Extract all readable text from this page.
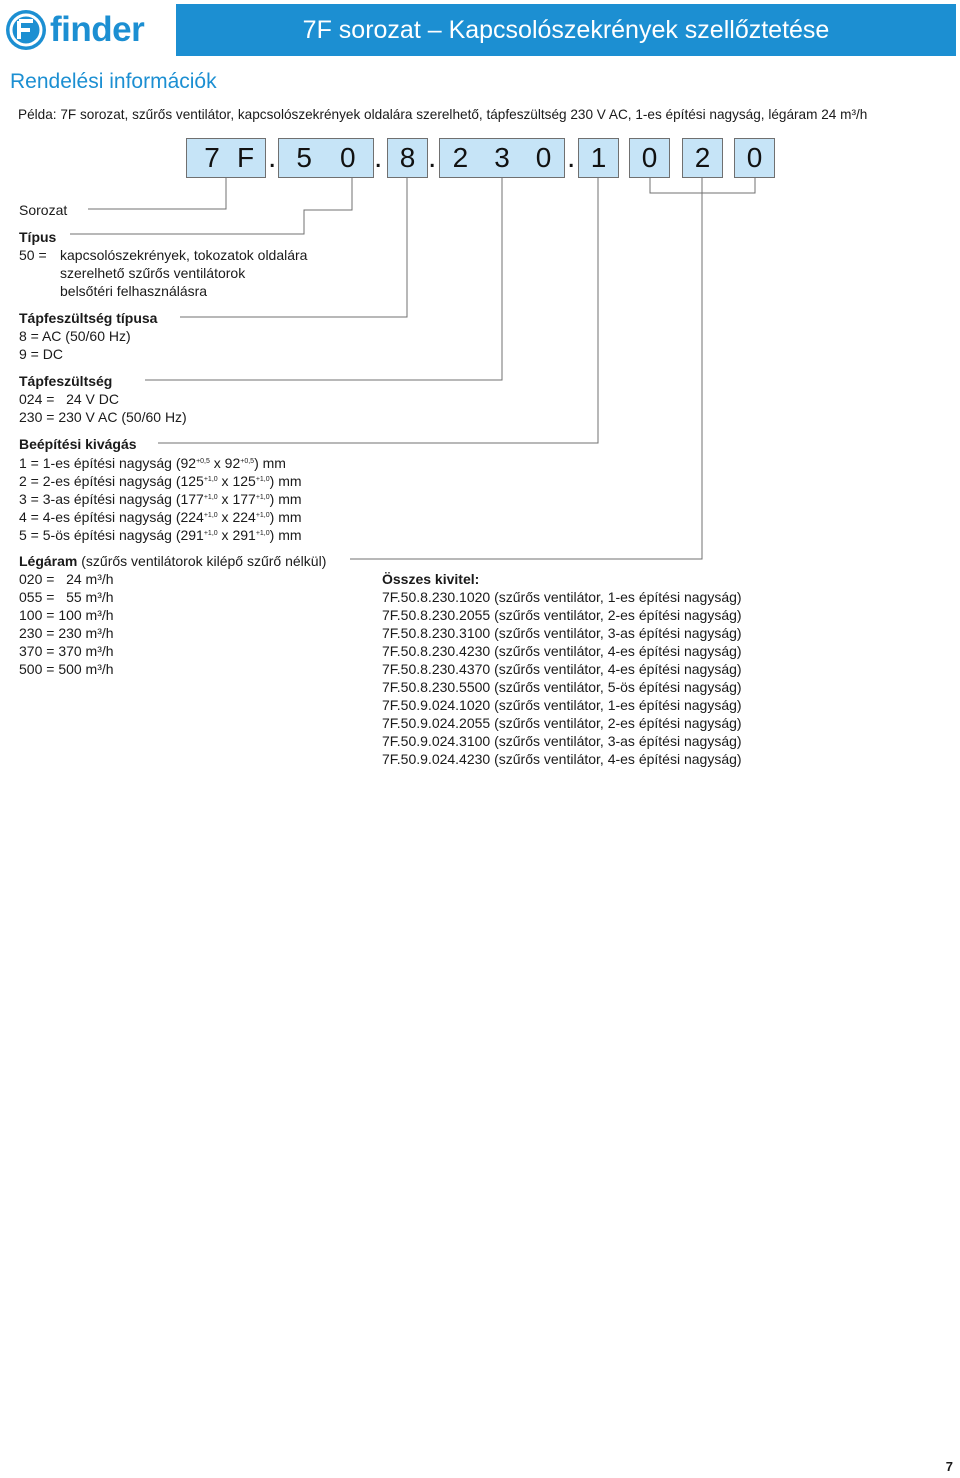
finder	7F sorozat – Kapcsolószekrények szellőztetése
Rendelési információk
Példa: 7F sorozat, szűrős ventilátor, kapcsolószekrények oldalára szerelhető, tápfeszültség 230 V AC, 1-es építési nagyság, légáram 24 m³/h
7 F . 5 0 . 8 . 2 3 0 . 1	0	2	0
Sorozat
Típus
50 = kapcsolószekrények, tokozatok oldalára
szerelhető szűrős ventilátorok
belsőtéri felhasználásra
Tápfeszültség típusa
8 = AC (50/60 Hz)
9 = DC
Tápfeszültség
024 =   24 V DC
230 = 230 V AC (50/60 Hz)
Beépítési kivágás
1 = 1-es építési nagyság ($92^{+0,5}$ x $92^{+0,5}$) mm
2 = 2-es építési nagyság ($125^{+1,0}$ x $125^{+1,0}$) mm
3 = 3-as építési nagyság ($177^{+1,0}$ x $177^{+1,0}$) mm
4 = 4-es építési nagyság ($224^{+1,0}$ x $224^{+1,0}$) mm
5 = 5-ös építési nagyság ($291^{+1,0}$ x $291^{+1,0}$) mm
Légáram (szűrős ventilátorok kilépő szűrő nélkül)
020 =   24 m³/h
055 =   55 m³/h
100 = 100 m³/h
230 = 230 m³/h
370 = 370 m³/h
500 = 500 m³/h
Összes kivitel:
7F.50.8.230.1020 (szűrős ventilátor, 1-es építési nagyság)
7F.50.8.230.2055 (szűrős ventilátor, 2-es építési nagyság)
7F.50.8.230.3100 (szűrős ventilátor, 3-as építési nagyság)
7F.50.8.230.4230 (szűrős ventilátor, 4-es építési nagyság)
7F.50.8.230.4370 (szűrős ventilátor, 4-es építési nagyság)
7F.50.8.230.5500 (szűrős ventilátor, 5-ös építési nagyság)
7F.50.9.024.1020 (szűrős ventilátor, 1-es építési nagyság)
7F.50.9.024.2055 (szűrős ventilátor, 2-es építési nagyság)
7F.50.9.024.3100 (szűrős ventilátor, 3-as építési nagyság)
7F.50.9.024.4230 (szűrős ventilátor, 4-es építési nagyság)
7
